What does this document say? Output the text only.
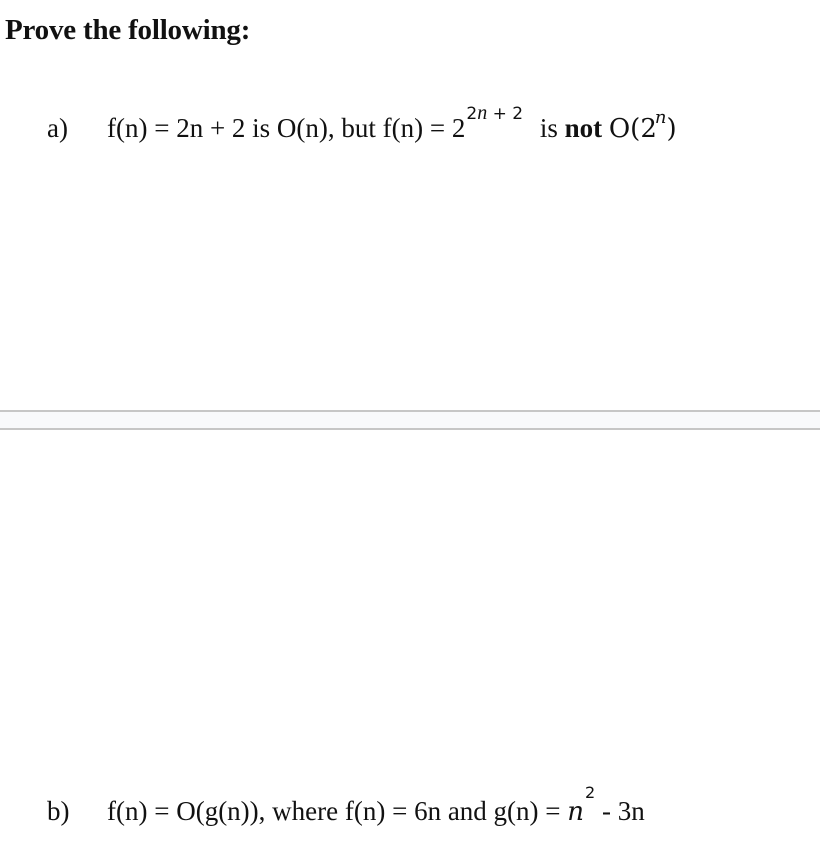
Prove the following:
a) f(n) = 2n + 2 is O(n), but $f(n) = 2^{2n + 2}$ is not O(2$^n$)
b) f(n) = O(g(n)), where f(n) = 6n and $g(n) = n^2 - 3n$
